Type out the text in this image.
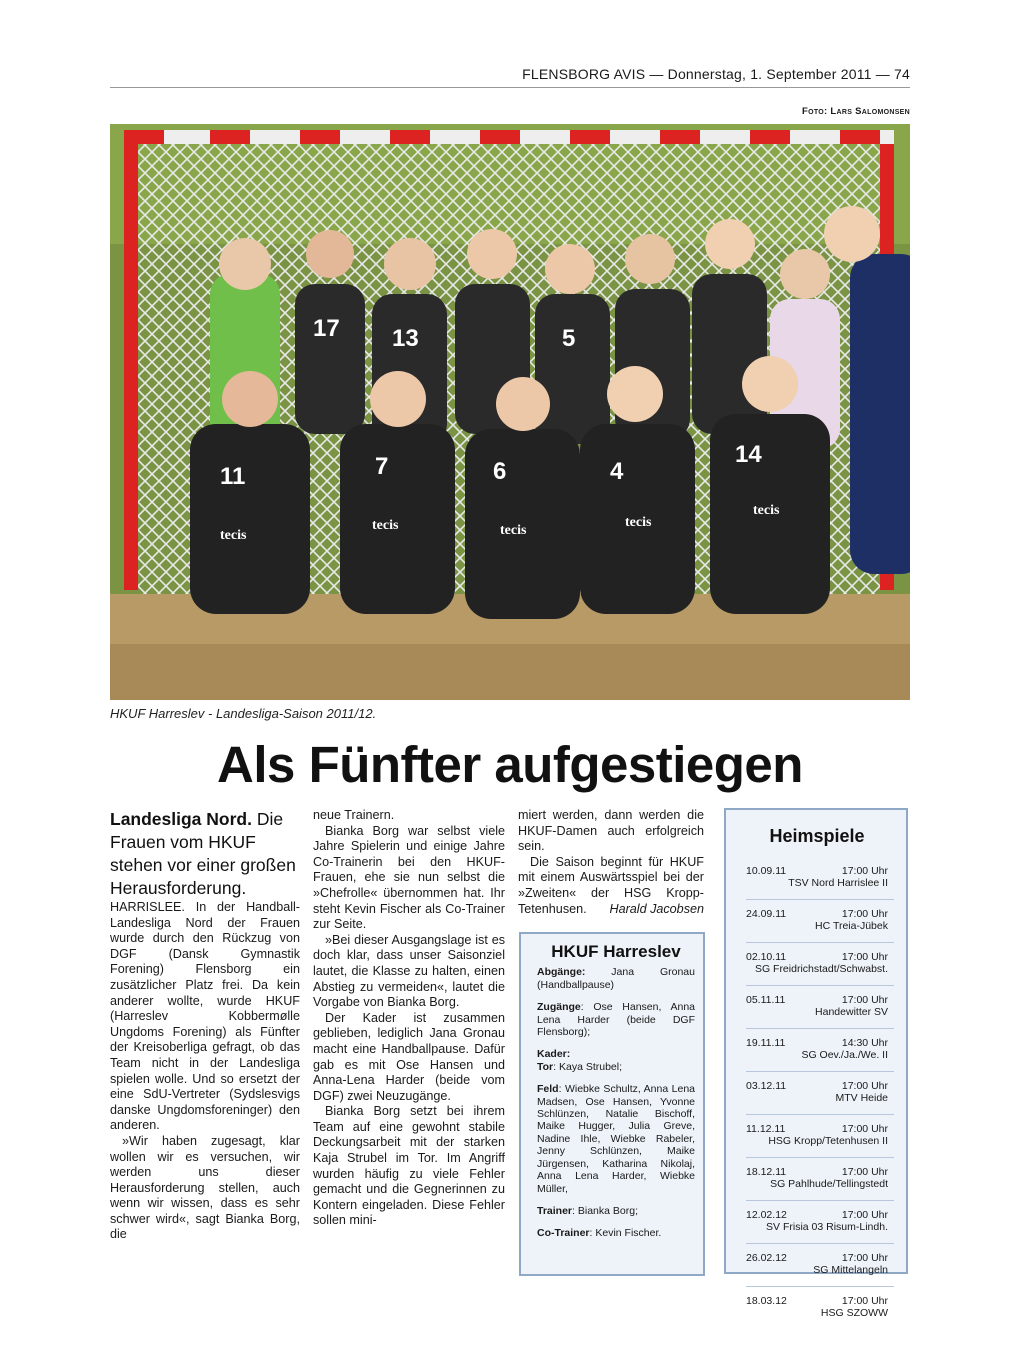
FLENSBORG AVIS — Donnerstag, 1. September 2011 — 74
Foto: Lars Salomonsen
17 13	5
11	7	6	4
14
tecis
tecis	tecis
tecis
tecis
HKUF Harreslev - Landesliga-Saison 2011/12.
Als Fünfter aufgestiegen

Landesliga Nord. Die Frauen vom HKUF stehen vor einer großen Herausforderung.

HARRISLEE. In der Handball-Landesliga Nord der Frauen wurde durch den Rückzug von DGF (Dansk Gymnastik Forening) Flensborg ein zusätzlicher Platz frei. Da kein anderer wollte, wurde HKUF (Harreslev Kobbermølle Ungdoms Forening) als Fünfter der Kreisoberliga gefragt, ob das Team nicht in der Landesliga spielen wolle. Und so ersetzt der eine SdU-Vertreter (Sydslesvigs danske Ungdomsforeninger) den anderen.

»Wir haben zugesagt, klar wollen wir es versuchen, wir werden uns dieser Herausforderung stellen, auch wenn wir wissen, dass es sehr schwer wird«, sagt Bianka Borg, die

neue Trainern.

Bianka Borg war selbst viele Jahre Spielerin und einige Jahre Co-Trainerin bei den HKUF-Frauen, ehe sie nun selbst die »Chefrolle« übernommen hat. Ihr steht Kevin Fischer als Co-Trainer zur Seite.

»Bei dieser Ausgangslage ist es doch klar, dass unser Saisonziel lautet, die Klasse zu halten, einen Abstieg zu vermeiden«, lautet die Vorgabe von Bianka Borg.

Der Kader ist zusammen geblieben, lediglich Jana Gronau macht eine Handballpause. Dafür gab es mit Ose Hansen und Anna-Lena Harder (beide vom DGF) zwei Neuzugänge.

Bianka Borg setzt bei ihrem Team auf eine gewohnt stabile Deckungsarbeit mit der starken Kaja Strubel im Tor. Im Angriff wurden häufig zu viele Fehler gemacht und die Gegnerinnen zu Kontern eingeladen. Diese Fehler sollen mini-

miert werden, dann werden die HKUF-Damen auch erfolgreich sein.

Die Saison beginnt für HKUF mit einem Auswärtsspiel bei der »Zweiten« der HSG Kropp-Tetenhusen.	Harald Jacobsen

HKUF Harreslev
Abgänge: Jana Gronau (Handballpause)
Zugänge: Ose Hansen, Anna Lena Harder (beide DGF Flensborg);
Kader:
Tor: Kaya Strubel;
Feld: Wiebke Schultz, Anna Lena Madsen, Ose Hansen, Yvonne Schlünzen, Natalie Bischoff, Maike Hugger, Julia Greve, Nadine Ihle, Wiebke Rabeler, Jenny Schlünzen, Maike Jürgensen, Katharina Nikolaj, Anna Lena Harder, Wiebke Müller,
Trainer: Bianka Borg;
Co-Trainer: Kevin Fischer.
Heimspiele
10.09.11	17:00 Uhr
TSV Nord Harrislee II
24.09.11	17:00 Uhr
HC Treia-Jübek
02.10.11	17:00 Uhr
SG Freidrichstadt/Schwabst.
05.11.11	17:00 Uhr
Handewitter SV
19.11.11	14:30 Uhr
SG Oev./Ja./We. II
03.12.11	17:00 Uhr
MTV Heide
11.12.11	17:00 Uhr
HSG Kropp/Tetenhusen II
18.12.11	17:00 Uhr
SG Pahlhude/Tellingstedt
12.02.12	17:00 Uhr
SV Frisia 03 Risum-Lindh.
26.02.12	17:00 Uhr
SG Mittelangeln
18.03.12	17:00 Uhr
HSG SZOWW
